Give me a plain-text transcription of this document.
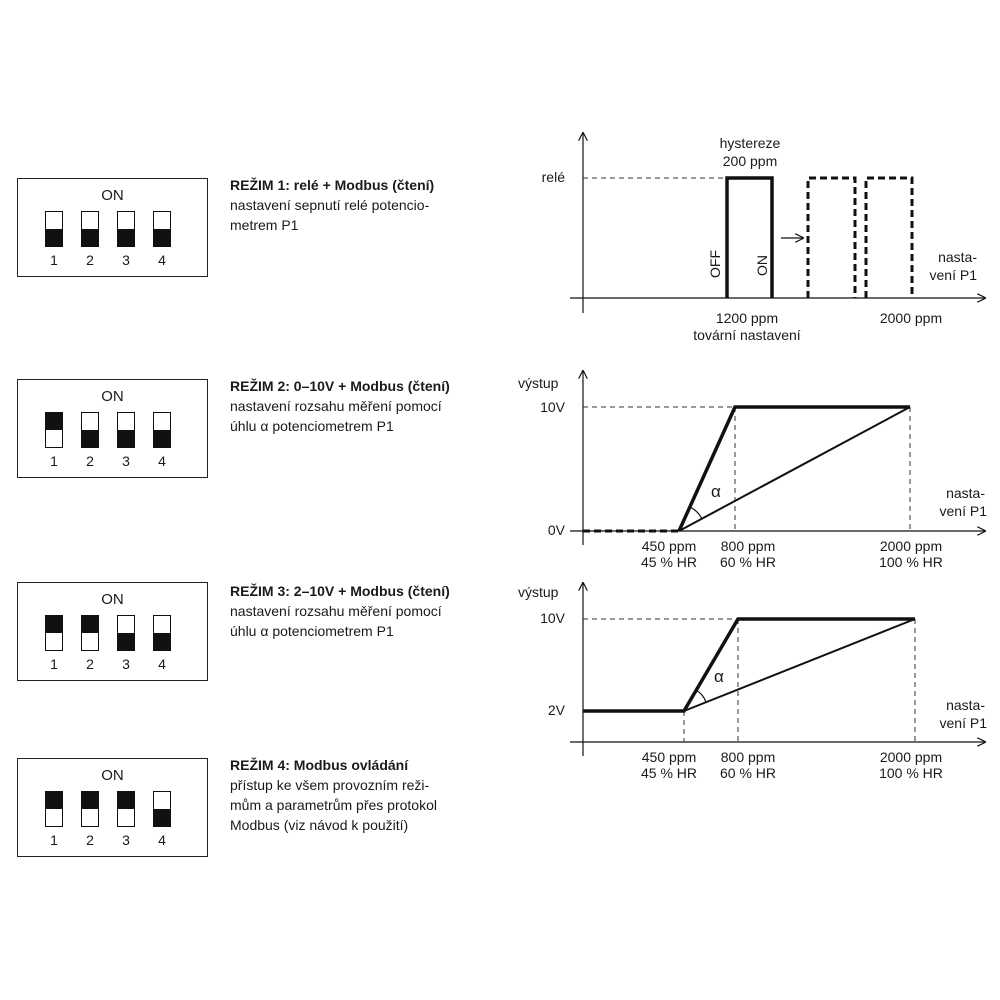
ON
1	2	3	4
ON
1	2	3	4
ON
1	2	3	4
ON
1	2	3	4
REŽIM 1: relé + Modbus (čtení)
nastavení sepnutí relé potencio-
metrem P1
REŽIM 2: 0–10V + Modbus (čtení)
nastavení rozsahu měření pomocí
úhlu α potenciometrem P1
REŽIM 3: 2–10V + Modbus (čtení)
nastavení rozsahu měření pomocí
úhlu α potenciometrem P1
REŽIM 4: Modbus ovládání
přístup ke všem provozním reži-
mům a parametrům přes protokol
Modbus (viz návod k použití)
relé
hystereze
200 ppm
OFF ON	nasta-
vení P1
1200 ppm
tovární nastavení
2000 ppm
výstup
10V
0V
α	nasta-
vení P1
450 ppm
45 % HR
800 ppm
60 % HR
2000 ppm
100 % HR
výstup
10V
2V
α
nasta-
vení P1
450 ppm
45 % HR
800 ppm
60 % HR
2000 ppm
100 % HR
